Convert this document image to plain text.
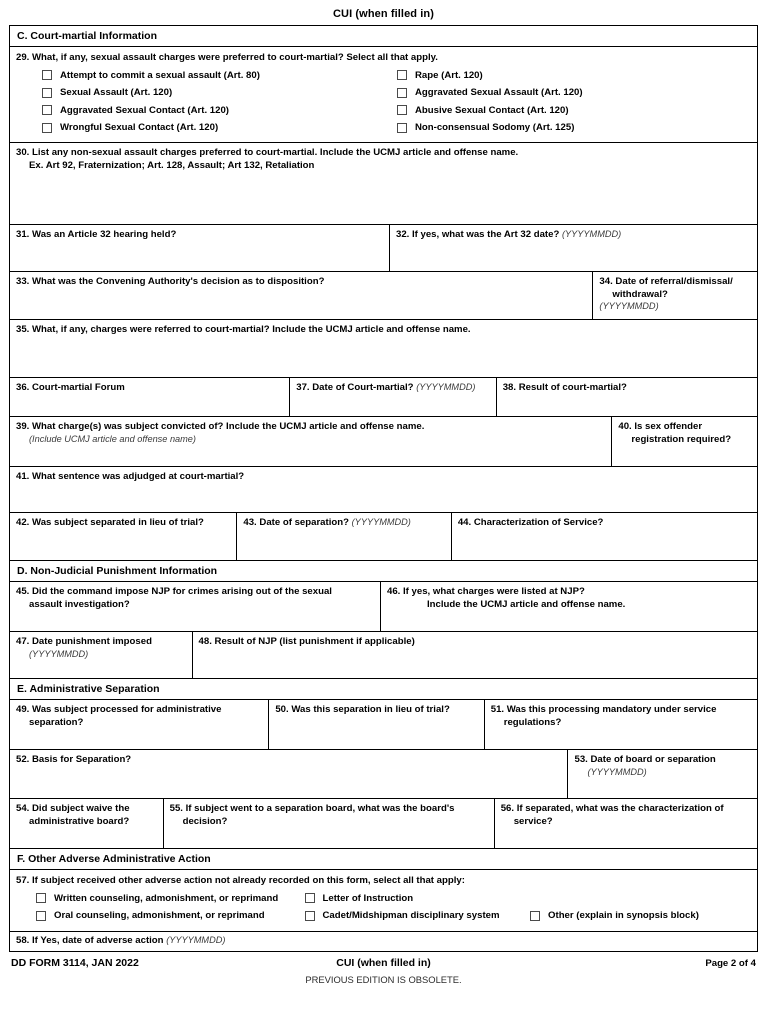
CUI (when filled in)
C. Court-martial Information
29. What, if any, sexual assault charges were preferred to court-martial? Select all that apply.
Attempt to commit a sexual assault (Art. 80)	Rape (Art. 120)
Sexual Assault (Art. 120)	Aggravated Sexual Assault (Art. 120)
Aggravated Sexual Contact (Art. 120)	Abusive Sexual Contact (Art. 120)
Wrongful Sexual Contact (Art. 120)	Non-consensual Sodomy (Art. 125)
30. List any non-sexual assault charges preferred to court-martial. Include the UCMJ article and offense name.
Ex. Art 92, Fraternization; Art. 128, Assault; Art 132, Retaliation
31. Was an Article 32 hearing held?	32. If yes, what was the Art 32 date? (YYYYMMDD)
33. What was the Convening Authority's decision as to disposition?	34. Date of referral/dismissal/
withdrawal?
(YYYYMMDD)
35. What, if any, charges were referred to court-martial? Include the UCMJ article and offense name.
36. Court-martial Forum	37. Date of Court-martial? (YYYYMMDD)	38. Result of court-martial?
39. What charge(s) was subject convicted of? Include the UCMJ article and offense name.
(Include UCMJ article and offense name)
40. Is sex offender
registration required?
41. What sentence was adjudged at court-martial?
42. Was subject separated in lieu of trial?	43. Date of separation? (YYYYMMDD)	44. Characterization of Service?
D. Non-Judicial Punishment Information
45. Did the command impose NJP for crimes arising out of the sexual
assault investigation?
46. If yes, what charges were listed at NJP?
Include the UCMJ article and offense name.
47. Date punishment imposed
(YYYYMMDD)
48. Result of NJP (list punishment if applicable)
E. Administrative Separation
49. Was subject processed for administrative
separation?
50. Was this separation in lieu of trial?	51. Was this processing mandatory under service
regulations?
52. Basis for Separation?	53. Date of board or separation
(YYYYMMDD)
54. Did subject waive the
administrative board?
55. If subject went to a separation board, what was the board's
decision?
56. If separated, what was the characterization of
service?
F. Other Adverse Administrative Action
57. If subject received other adverse action not already recorded on this form, select all that apply:
Written counseling, admonishment, or reprimand	Letter of Instruction
Oral counseling, admonishment, or reprimand	Cadet/Midshipman disciplinary system	Other (explain in synopsis block)
58. If Yes, date of adverse action (YYYYMMDD)
DD FORM 3114, JAN 2022	CUI (when filled in)	Page 2 of 4
PREVIOUS EDITION IS OBSOLETE.
